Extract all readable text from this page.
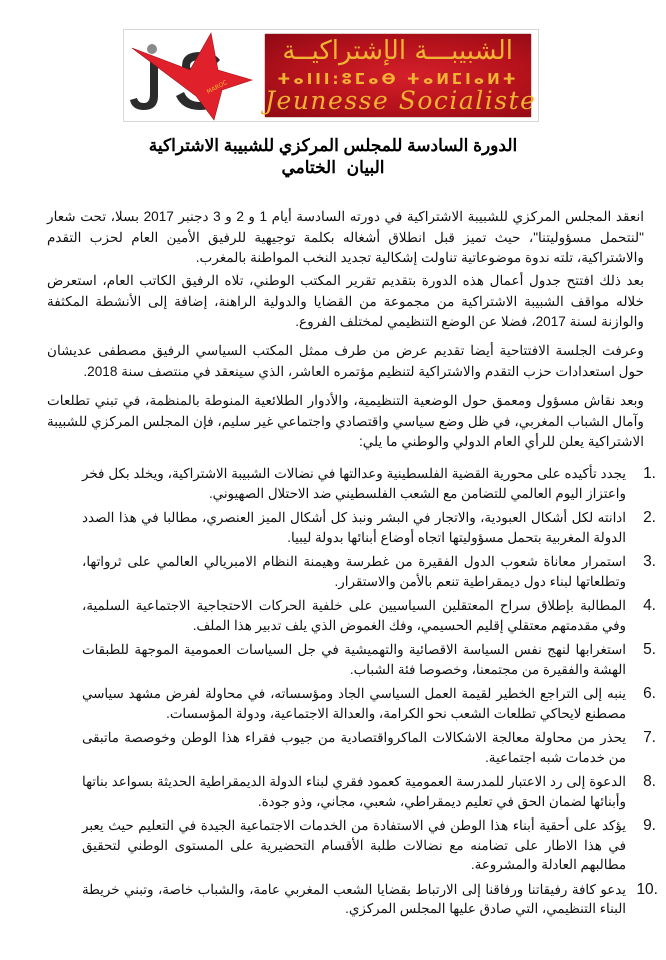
MAROC
الشبيبـــة الإشتراكيــة
ⵜⴰⵏⵏⵏ:ⵓⵎⴰⴱ ⵜⴰⵍⵎⵏⴰⵍⵜ
Jeunesse Socialiste
الدورة السادسة للمجلس المركزي للشبيبة الاشتراكية
البيان الختامي

انعقد المجلس المركزي للشبيبة الاشتراكية في دورته السادسة أيام 1 و 2 و 3 دجنبر 2017 بسلا، تحت شعار "لنتحمل مسؤوليتنا"، حيث تميز قبل انطلاق أشغاله بكلمة توجيهية للرفيق الأمين العام لحزب التقدم والاشتراكية، تلته ندوة موضوعاتية تناولت إشكالية تجديد النخب المواطنة بالمغرب.

بعد ذلك افتتح جدول أعمال هذه الدورة بتقديم تقرير المكتب الوطني، تلاه الرفيق الكاتب العام، استعرض خلاله مواقف الشبيبة الاشتراكية من مجموعة من القضايا والدولية الراهنة، إضافة إلى الأنشطة المكثفة والوازنة لسنة 2017، فضلا عن الوضع التنظيمي لمختلف الفروع.

وعرفت الجلسة الافتتاحية أيضا تقديم عرض من طرف ممثل المكتب السياسي الرفيق مصطفى عديشان حول استعدادات حزب التقدم والاشتراكية لتنظيم مؤتمره العاشر، الذي سينعقد في منتصف سنة 2018.

وبعد نقاش مسؤول ومعمق حول الوضعية التنظيمية، والأدوار الطلائعية المنوطة بالمنظمة، في تبني تطلعات وآمال الشباب المغربي، في ظل وضع سياسي واقتصادي واجتماعي غير سليم، فإن المجلس المركزي للشبيبة الاشتراكية يعلن للرأي العام الدولي والوطني ما يلي:

1.
يجدد تأكيده على محورية القضية الفلسطينية وعدالتها في نضالات الشبيبة الاشتراكية، ويخلد بكل فخر واعتزاز اليوم العالمي للتضامن مع الشعب الفلسطيني ضد الاحتلال الصهيوني.
2.
ادانته لكل أشكال العبودية، والاتجار في البشر ونبذ كل أشكال الميز العنصري، مطالبا في هذا الصدد الدولة المغربية بتحمل مسؤوليتها اتجاه أوضاع أبنائها بدولة ليبيا.
3.
استمرار معاناة شعوب الدول الفقيرة من غطرسة وهيمنة النظام الامبريالي العالمي على ثرواتها، وتطلعاتها لبناء دول ديمقراطية تنعم بالأمن والاستقرار.
4.
المطالبة بإطلاق سراح المعتقلين السياسيين على خلفية الحركات الاحتجاجية الاجتماعية السلمية، وفي مقدمتهم معتقلي إقليم الحسيمي، وفك الغموض الذي يلف تدبير هذا الملف.
5.
استغرابها لنهج نفس السياسة الاقصائية والتهميشية في جل السياسات العمومية الموجهة للطبقات الهشة والفقيرة من مجتمعنا، وخصوصا فئة الشباب.
6.
ينبه إلى التراجع الخطير لقيمة العمل السياسي الجاد ومؤسساته، في محاولة لفرض مشهد سياسي مصطنع لايحاكي تطلعات الشعب نحو الكرامة، والعدالة الاجتماعية، ودولة المؤسسات.
7.
يحذر من محاولة معالجة الاشكالات الماكرواقتصادية من جيوب فقراء هذا الوطن وخوصصة ماتبقى من خدمات شبه اجتماعية.
8.
الدعوة إلى رد الاعتبار للمدرسة العمومية كعمود فقري لبناء الدولة الديمقراطية الحديثة بسواعد بناتها وأبنائها لضمان الحق في تعليم ديمقراطي، شعبي، مجاني، وذو جودة.
9.
يؤكد على أحقية أبناء هذا الوطن في الاستفادة من الخدمات الاجتماعية الجيدة في التعليم حيث يعبر في هذا الاطار على تضامنه مع نضالات طلبة الأقسام التحضيرية على المستوى الوطني لتحقيق مطالبهم العادلة والمشروعة.
10.
يدعو كافة رفيقاتنا ورفاقنا إلى الارتباط بقضايا الشعب المغربي عامة، والشباب خاصة، وتبني خريطة البناء التنظيمي، التي صادق عليها المجلس المركزي.
